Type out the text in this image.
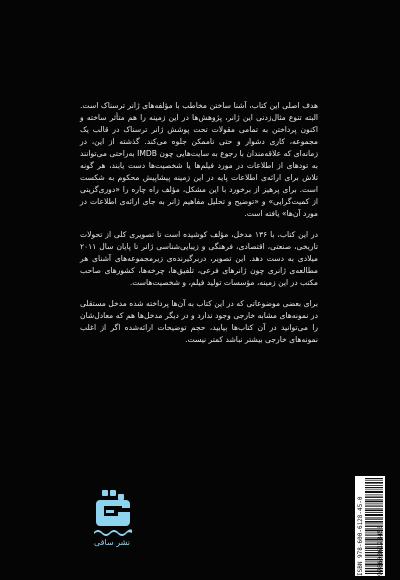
هدف اصلی این کتاب، آشنا ساختن مخاطب با مؤلفه‌های ژانر ترسناک است. البته تنوع مثال‌زدنی این ژانر، پژوهش‌ها در این زمینه را هم متأثر ساخته و اکنون پرداختن به تمامی مقولات تحت پوشش ژانر ترسناک در قالب یک مجموعه، کاری دشوار و حتی ناممکن جلوه می‌کند. گذشته از این، در زمانه‌ای که علاقه‌مندان با رجوع به سایت‌هایی چون IMDB به‌راحتی می‌توانند به تودهای از اطلاعات در مورد فیلم‌ها یا شخصیت‌ها دست یابند، هر گونه تلاش برای ارائه‌ی اطلاعات پایه در این زمینه پیشاپیش محکوم به شکست است. برای پرهیز از برخورد با این مشکل، مؤلف راه چاره را «دوری‌گزینی از کمیت‌گرایی» و «توضیح و تحلیل مفاهیم ژانر به جای ارائه‌ی اطلاعات در مورد آن‌ها» یافته است.

در این کتاب، با ۱۳۶ مدخل، مؤلف کوشیده است تا تصویری کلی از تحولات تاریخی، صنعتی، اقتصادی، فرهنگی و زیبایی‌شناسی ژانر تا پایان سال ۲۰۱۱ میلادی به دست دهد. این تصویر، دربرگیرنده‌ی زیرمجموعه‌های آشنای هر مطالعه‌ی ژانری چون ژانرهای فرعی، تلفیق‌ها، چرخه‌ها، کشورهای صاحب مکتب در این زمینه، مؤسسات تولید فیلم، و شخصیت‌هاست.

برای بعضی موضوعاتی که در این کتاب به آن‌ها پرداخته شده مدخل مستقلی در نمونه‌های مشابه خارجی وجود ندارد و در دیگر مدخل‌ها هم که معادل‌شان را می‌توانید در آن کتاب‌ها بیابید، حجم توضیحات ارائه‌شده اگر از اغلب نمونه‌های خارجی بیشتر نباشد کمتر نیست.

نشر ساقی	ISBN 978-600-6128-45-0 9786006128450
